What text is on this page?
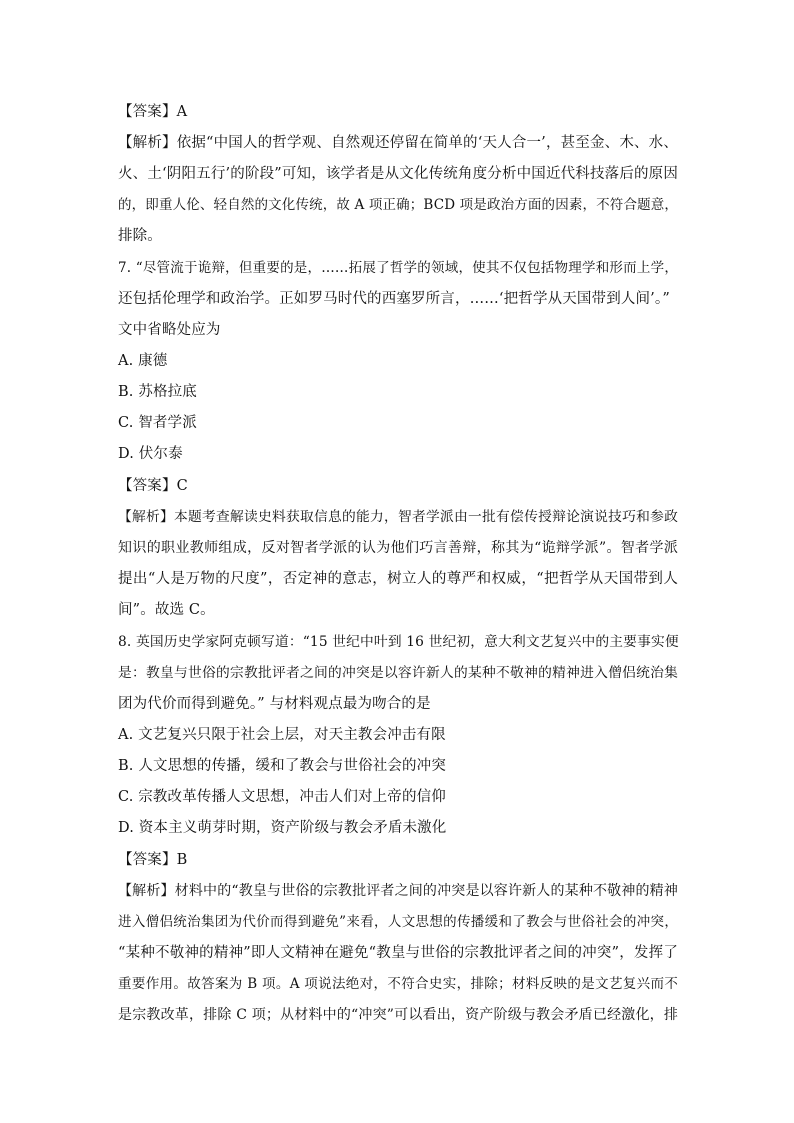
【答案】A
【解析】依据“中国人的哲学观、自然观还停留在简单的‘天人合一’，甚至金、木、水、
火、土‘阴阳五行’的阶段”可知，该学者是从文化传统角度分析中国近代科技落后的原因
的，即重人伦、轻自然的文化传统，故 A 项正确；BCD 项是政治方面的因素，不符合题意，
排除。
7. “尽管流于诡辩，但重要的是，……拓展了哲学的领域，使其不仅包括物理学和形而上学，
还包括伦理学和政治学。正如罗马时代的西塞罗所言，……‘把哲学从天国带到人间’。”
文中省略处应为
A. 康德
B. 苏格拉底
C. 智者学派
D. 伏尔泰
【答案】C
【解析】本题考查解读史料获取信息的能力，智者学派由一批有偿传授辩论演说技巧和参政
知识的职业教师组成，反对智者学派的认为他们巧言善辩，称其为“诡辩学派”。智者学派
提出“人是万物的尺度”，否定神的意志，树立人的尊严和权威，“把哲学从天国带到人
间”。故选 C。
8. 英国历史学家阿克顿写道：“15 世纪中叶到 16 世纪初，意大利文艺复兴中的主要事实便
是：教皇与世俗的宗教批评者之间的冲突是以容许新人的某种不敬神的精神进入僧侣统治集
团为代价而得到避免。” 与材料观点最为吻合的是
A. 文艺复兴只限于社会上层，对天主教会冲击有限
B. 人文思想的传播，缓和了教会与世俗社会的冲突
C. 宗教改革传播人文思想，冲击人们对上帝的信仰
D. 资本主义萌芽时期，资产阶级与教会矛盾未激化
【答案】B
【解析】材料中的“教皇与世俗的宗教批评者之间的冲突是以容许新人的某种不敬神的精神
进入僧侣统治集团为代价而得到避免”来看，人文思想的传播缓和了教会与世俗社会的冲突，
“某种不敬神的精神”即人文精神在避免“教皇与世俗的宗教批评者之间的冲突”，发挥了
重要作用。故答案为 B 项。A 项说法绝对，不符合史实，排除；材料反映的是文艺复兴而不
是宗教改革，排除 C 项；从材料中的“冲突”可以看出，资产阶级与教会矛盾已经激化，排
